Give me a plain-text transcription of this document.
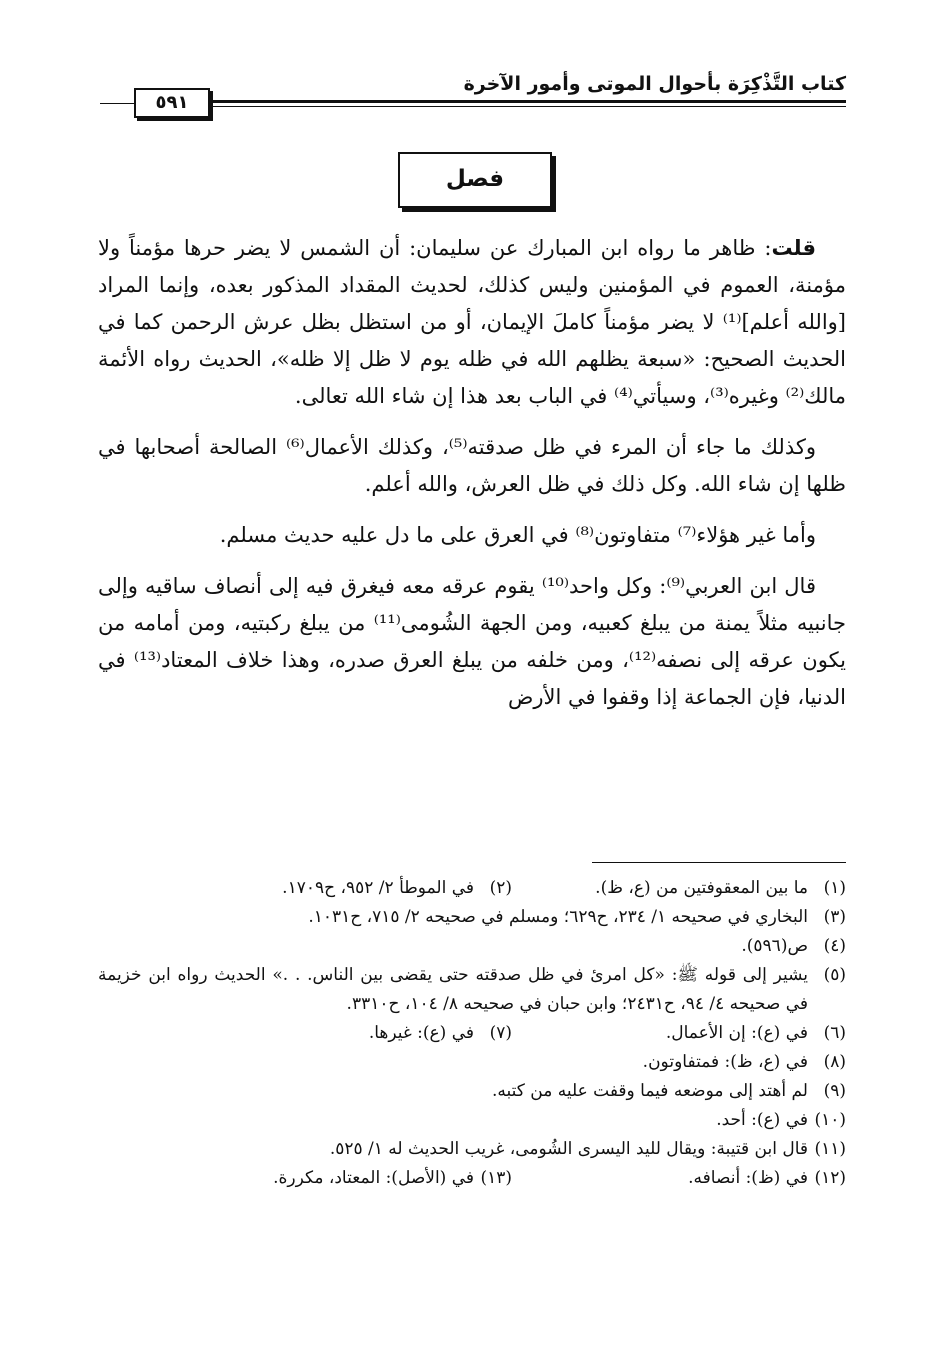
كتاب التَّذْكِرَة بأحوال الموتى وأمور الآخرة
٥٩١
فصل

قلت: ظاهر ما رواه ابن المبارك عن سليمان: أن الشمس لا يضر حرها مؤمناً ولا مؤمنة، العموم في المؤمنين وليس كذلك، لحديث المقداد المذكور بعده، وإنما المراد [والله أعلم]⁽¹⁾ لا يضر مؤمناً كاملَ الإيمان، أو من استظل بظل عرش الرحمن كما في الحديث الصحيح: «سبعة يظلهم الله في ظله يوم لا ظل إلا ظله»، الحديث رواه الأئمة مالك⁽²⁾ وغيره⁽³⁾، وسيأتي⁽⁴⁾ في الباب بعد هذا إن شاء الله تعالى.

وكذلك ما جاء أن المرء في ظل صدقته⁽⁵⁾، وكذلك الأعمال⁽⁶⁾ الصالحة أصحابها في ظلها إن شاء الله. وكل ذلك في ظل العرش، والله أعلم.

وأما غير هؤلاء⁽⁷⁾ متفاوتون⁽⁸⁾ في العرق على ما دل عليه حديث مسلم.

قال ابن العربي⁽⁹⁾: وكل واحد⁽¹⁰⁾ يقوم عرقه معه فيغرق فيه إلى أنصاف ساقيه وإلى جانبيه مثلاً يمنة من يبلغ كعبيه، ومن الجهة الشُومى⁽¹¹⁾ من يبلغ ركبتيه، ومن أمامه من يكون عرقه إلى نصفه⁽¹²⁾، ومن خلفه من يبلغ العرق صدره، وهذا خلاف المعتاد⁽¹³⁾ في الدنيا، فإن الجماعة إذا وقفوا في الأرض

(١)
ما بين المعقوفتين من (ع، ظ).
(٢)
في الموطأ ٢/ ٩٥٢، ح١٧٠٩.
(٣)
البخاري في صحيحه ١/ ٢٣٤، ح٦٢٩؛ ومسلم في صحيحه ٢/ ٧١٥، ح١٠٣١.
(٤)
ص(٥٩٦).
(٥)
يشير إلى قوله ﷺ: «كل امرئ في ظل صدقته حتى يقضى بين الناس. . .» الحديث رواه ابن خزيمة في صحيحه ٤/ ٩٤، ح٢٤٣١؛ وابن حبان في صحيحه ٨/ ١٠٤، ح٣٣١٠.
(٦)
في (ع): إن الأعمال.
(٧)
في (ع): غيرها.
(٨)
في (ع، ظ): فمتفاوتون.
(٩)
لم أهتد إلى موضعه فيما وقفت عليه من كتبه.
(١٠)
في (ع): أحد.
(١١)
قال ابن قتيبة: ويقال لليد اليسرى الشُومى، غريب الحديث له ١/ ٥٢٥.
(١٢)
في (ظ): أنصافه.
(١٣)
في (الأصل): المعتاد، مكررة.
